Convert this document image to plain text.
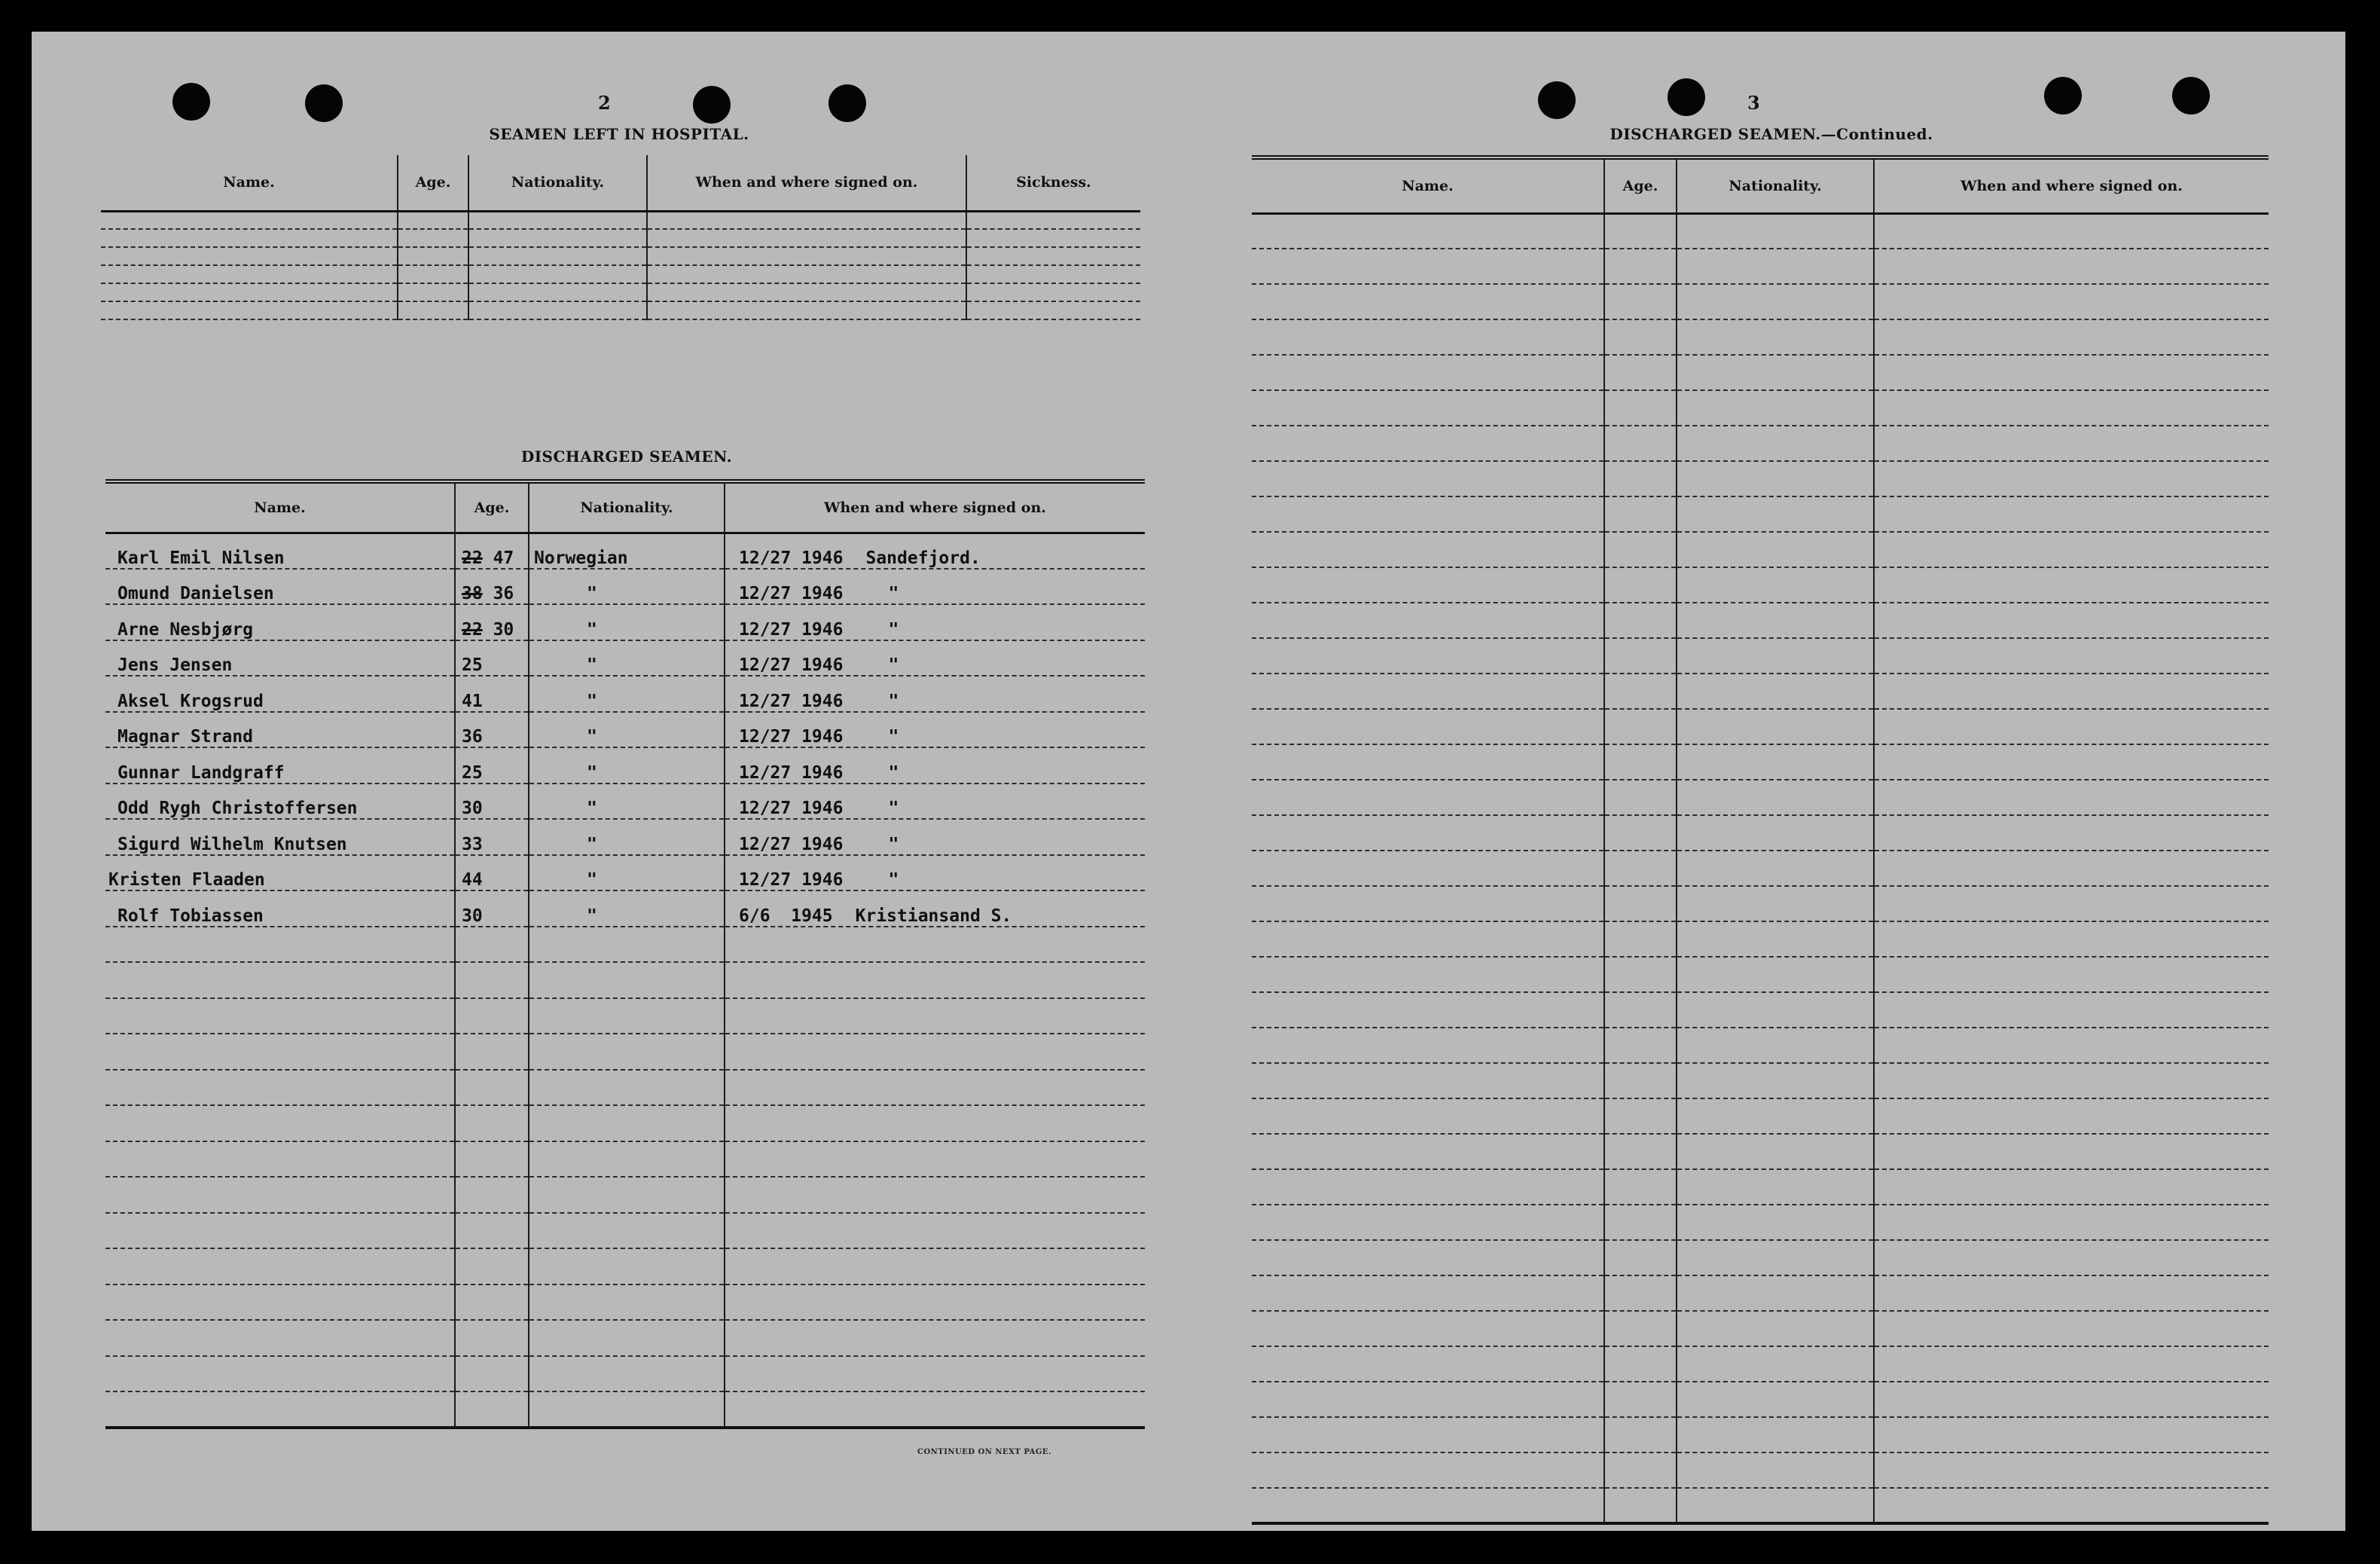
2
SEAMEN LEFT IN HOSPITAL.
Name.	Age.	Nationality.	When and where signed on.	Sickness.

DISCHARGED SEAMEN.
Name.	Age.	Nationality.	When and where signed on.
Karl Emil Nilsen	22 47	Norwegian	12/27 1946 Sandefjord.
Omund Danielsen	38 36	"	12/27 1946 "
Arne Nesbjørg	22 30	"	12/27 1946 "
Jens Jensen	25	"	12/27 1946 "
Aksel Krogsrud	41	"	12/27 1946 "
Magnar Strand	36	"	12/27 1946 "
Gunnar Landgraff	25	"	12/27 1946 "
Odd Rygh Christoffersen	30	"	12/27 1946 "
Sigurd Wilhelm Knutsen	33	"	12/27 1946 "
Kristen Flaaden	44	"	12/27 1946 "
Rolf Tobiassen	30	"	6/6  1945 Kristiansand S.

CONTINUED ON NEXT PAGE.
3
DISCHARGED SEAMEN.—Continued.
Name.	Age.	Nationality.	When and where signed on.
